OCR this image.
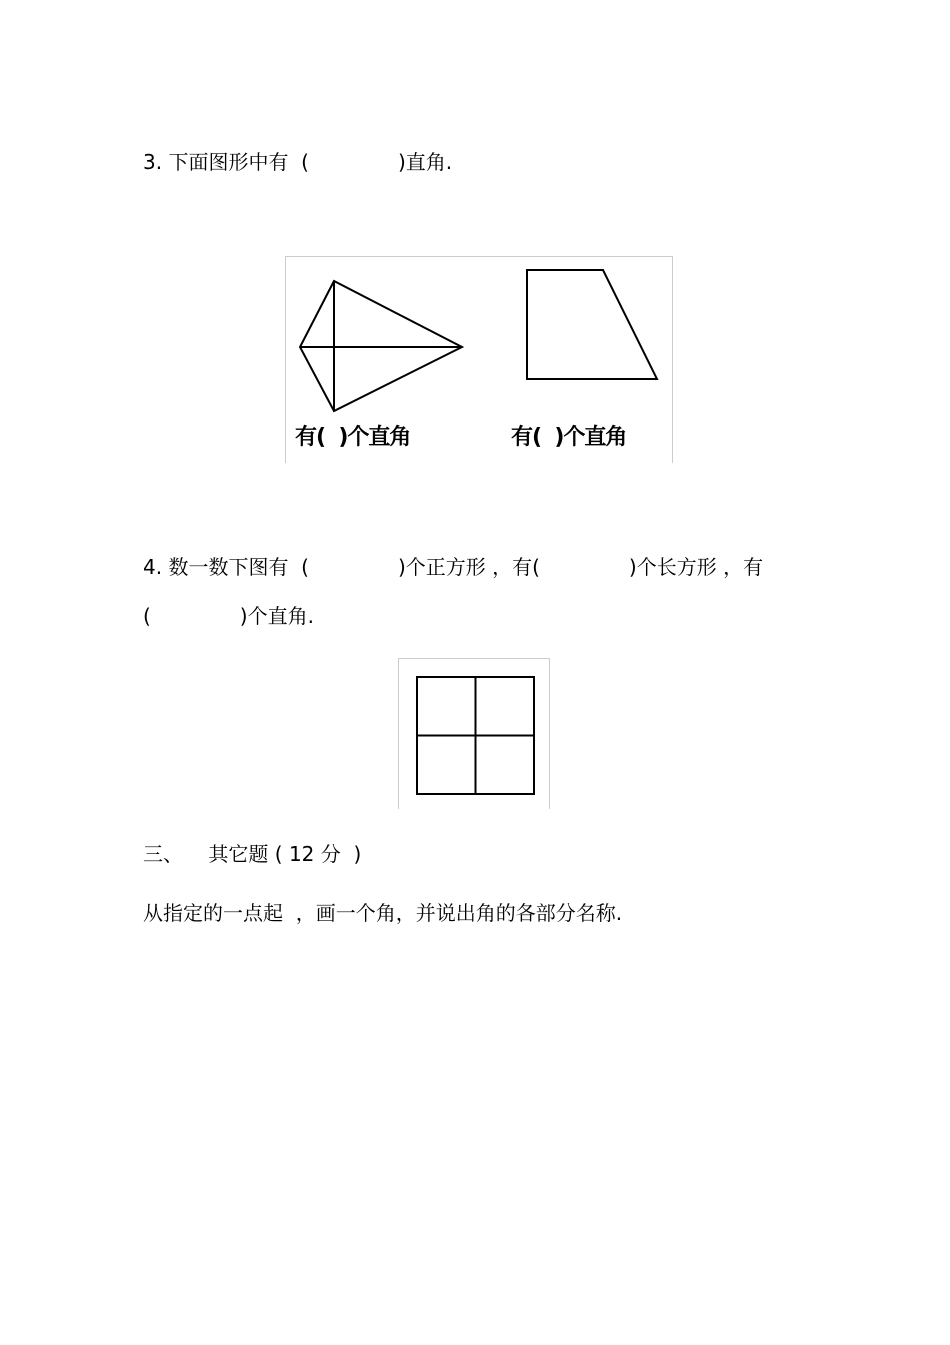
3. 下面图形中有  (              )直角.
有(  )个直角	有(  )个直角
4. 数一数下图有  (              )个正方形 ，有(              )个长方形 ，有
(              )个直角.
三、    其它题 ( 12 分  )
从指定的一点起  ，画一个角，并说出角的各部分名称.
